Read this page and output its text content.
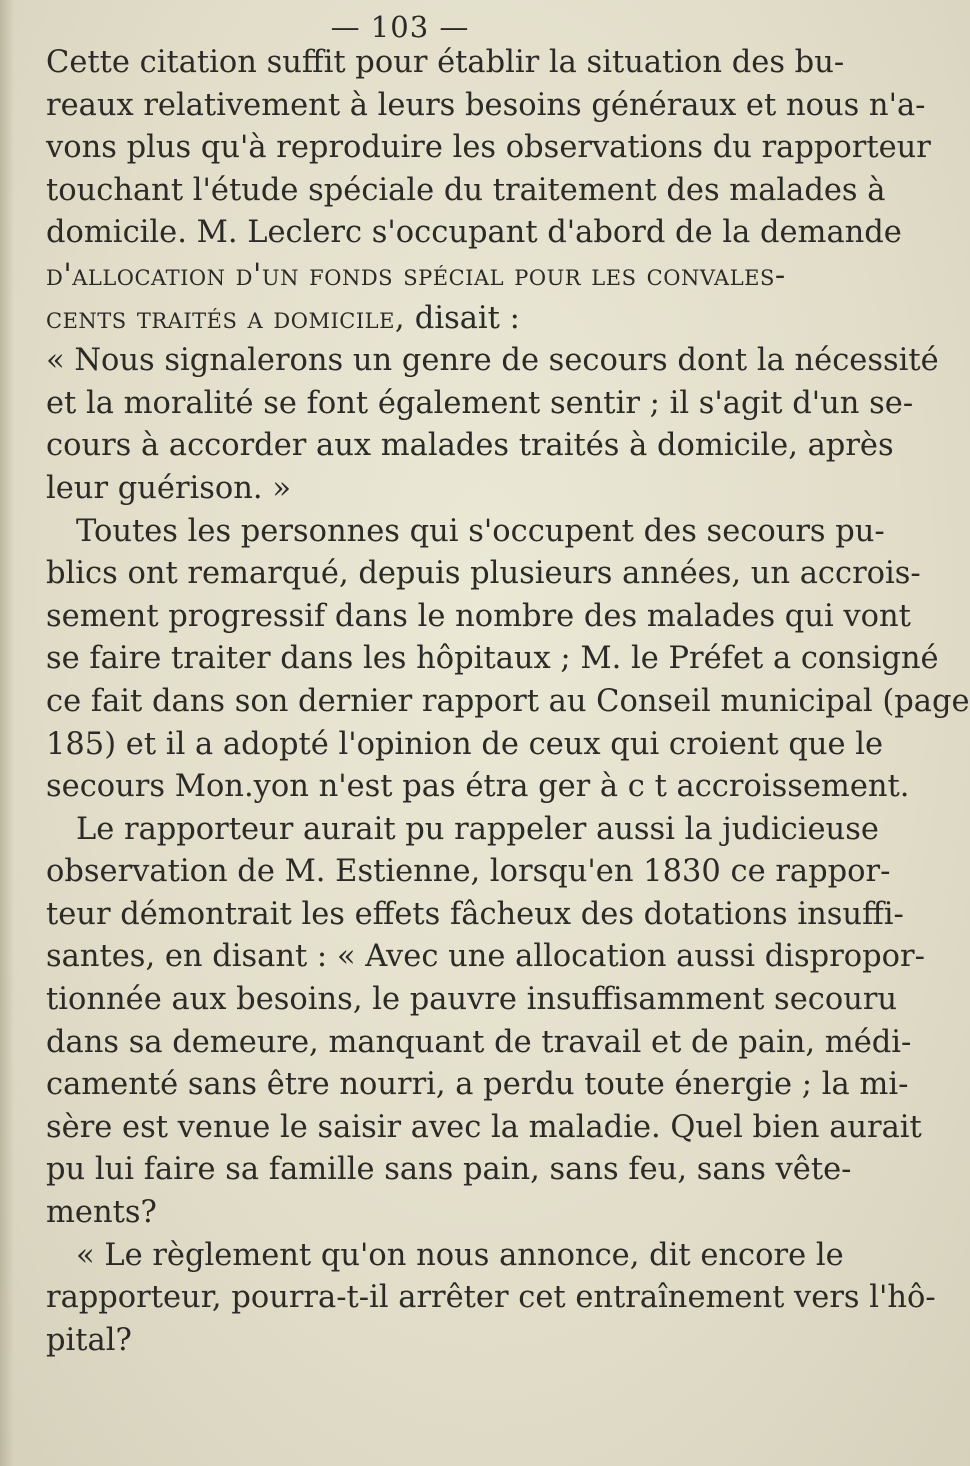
— 103 —
Cette citation suffit pour établir la situation des bu-
reaux relativement à leurs besoins généraux et nous n'a-
vons plus qu'à reproduire les observations du rapporteur
touchant l'étude spéciale du traitement des malades à
domicile. M. Leclerc s'occupant d'abord de la demande
d'allocation d'un fonds spécial pour les convales-
cents traités a domicile, disait :
« Nous signalerons un genre de secours dont la nécessité
et la moralité se font également sentir ; il s'agit d'un se-
cours à accorder aux malades traités à domicile, après
leur guérison. »
Toutes les personnes qui s'occupent des secours pu-
blics ont remarqué, depuis plusieurs années, un accrois-
sement progressif dans le nombre des malades qui vont
se faire traiter dans les hôpitaux ; M. le Préfet a consigné
ce fait dans son dernier rapport au Conseil municipal (page
185) et il a adopté l'opinion de ceux qui croient que le
secours Mon.yon n'est pas étra ger à c t accroissement.
Le rapporteur aurait pu rappeler aussi la judicieuse
observation de M. Estienne, lorsqu'en 1830 ce rappor-
teur démontrait les effets fâcheux des dotations insuffi-
santes, en disant : « Avec une allocation aussi dispropor-
tionnée aux besoins, le pauvre insuffisamment secouru
dans sa demeure, manquant de travail et de pain, médi-
camenté sans être nourri, a perdu toute énergie ; la mi-
sère est venue le saisir avec la maladie. Quel bien aurait
pu lui faire sa famille sans pain, sans feu, sans vête-
ments?
« Le règlement qu'on nous annonce, dit encore le
rapporteur, pourra-t-il arrêter cet entraînement vers l'hô-
pital?
